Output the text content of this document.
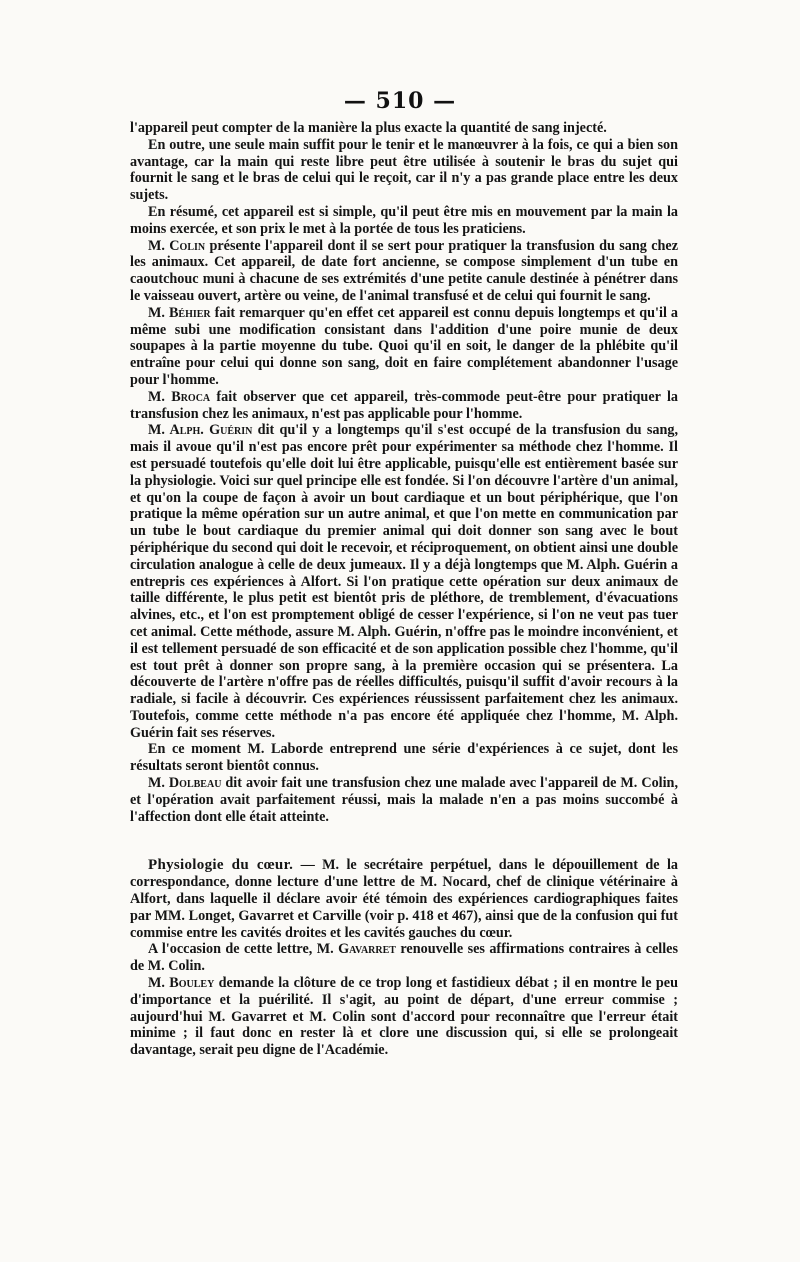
— 510 —

l'appareil peut compter de la manière la plus exacte la quantité de sang injecté.

En outre, une seule main suffit pour le tenir et le manœuvrer à la fois, ce qui a bien son avantage, car la main qui reste libre peut être utilisée à soutenir le bras du sujet qui fournit le sang et le bras de celui qui le reçoit, car il n'y a pas grande place entre les deux sujets.

En résumé, cet appareil est si simple, qu'il peut être mis en mouvement par la main la moins exercée, et son prix le met à la portée de tous les praticiens.

M. Colin présente l'appareil dont il se sert pour pratiquer la transfusion du sang chez les animaux. Cet appareil, de date fort ancienne, se compose simplement d'un tube en caoutchouc muni à chacune de ses extrémités d'une petite canule destinée à pénétrer dans le vaisseau ouvert, artère ou veine, de l'animal transfusé et de celui qui fournit le sang.

M. Béhier fait remarquer qu'en effet cet appareil est connu depuis longtemps et qu'il a même subi une modification consistant dans l'addition d'une poire munie de deux soupapes à la partie moyenne du tube. Quoi qu'il en soit, le danger de la phlébite qu'il entraîne pour celui qui donne son sang, doit en faire complétement abandonner l'usage pour l'homme.

M. Broca fait observer que cet appareil, très-commode peut-être pour pratiquer la transfusion chez les animaux, n'est pas applicable pour l'homme.

M. Alph. Guérin dit qu'il y a longtemps qu'il s'est occupé de la transfusion du sang, mais il avoue qu'il n'est pas encore prêt pour expérimenter sa méthode chez l'homme. Il est persuadé toutefois qu'elle doit lui être applicable, puisqu'elle est entièrement basée sur la physiologie. Voici sur quel principe elle est fondée. Si l'on découvre l'artère d'un animal, et qu'on la coupe de façon à avoir un bout cardiaque et un bout périphérique, que l'on pratique la même opération sur un autre animal, et que l'on mette en communication par un tube le bout cardiaque du premier animal qui doit donner son sang avec le bout périphérique du second qui doit le recevoir, et réciproquement, on obtient ainsi une double circulation analogue à celle de deux jumeaux. Il y a déjà longtemps que M. Alph. Guérin a entrepris ces expériences à Alfort. Si l'on pratique cette opération sur deux animaux de taille différente, le plus petit est bientôt pris de pléthore, de tremblement, d'évacuations alvines, etc., et l'on est promptement obligé de cesser l'expérience, si l'on ne veut pas tuer cet animal. Cette méthode, assure M. Alph. Guérin, n'offre pas le moindre inconvénient, et il est tellement persuadé de son efficacité et de son application possible chez l'homme, qu'il est tout prêt à donner son propre sang, à la première occasion qui se présentera. La découverte de l'artère n'offre pas de réelles difficultés, puisqu'il suffit d'avoir recours à la radiale, si facile à découvrir. Ces expériences réussissent parfaitement chez les animaux. Toutefois, comme cette méthode n'a pas encore été appliquée chez l'homme, M. Alph. Guérin fait ses réserves.

En ce moment M. Laborde entreprend une série d'expériences à ce sujet, dont les résultats seront bientôt connus.

M. Dolbeau dit avoir fait une transfusion chez une malade avec l'appareil de M. Colin, et l'opération avait parfaitement réussi, mais la malade n'en a pas moins succombé à l'affection dont elle était atteinte.

Physiologie du cœur. — M. le secrétaire perpétuel, dans le dépouillement de la correspondance, donne lecture d'une lettre de M. Nocard, chef de clinique vétérinaire à Alfort, dans laquelle il déclare avoir été témoin des expériences cardiographiques faites par MM. Longet, Gavarret et Carville (voir p. 418 et 467), ainsi que de la confusion qui fut commise entre les cavités droites et les cavités gauches du cœur.

A l'occasion de cette lettre, M. Gavarret renouvelle ses affirmations contraires à celles de M. Colin.

M. Bouley demande la clôture de ce trop long et fastidieux débat ; il en montre le peu d'importance et la puérilité. Il s'agit, au point de départ, d'une erreur commise ; aujourd'hui M. Gavarret et M. Colin sont d'accord pour reconnaître que l'erreur était minime ; il faut donc en rester là et clore une discussion qui, si elle se prolongeait davantage, serait peu digne de l'Académie.
